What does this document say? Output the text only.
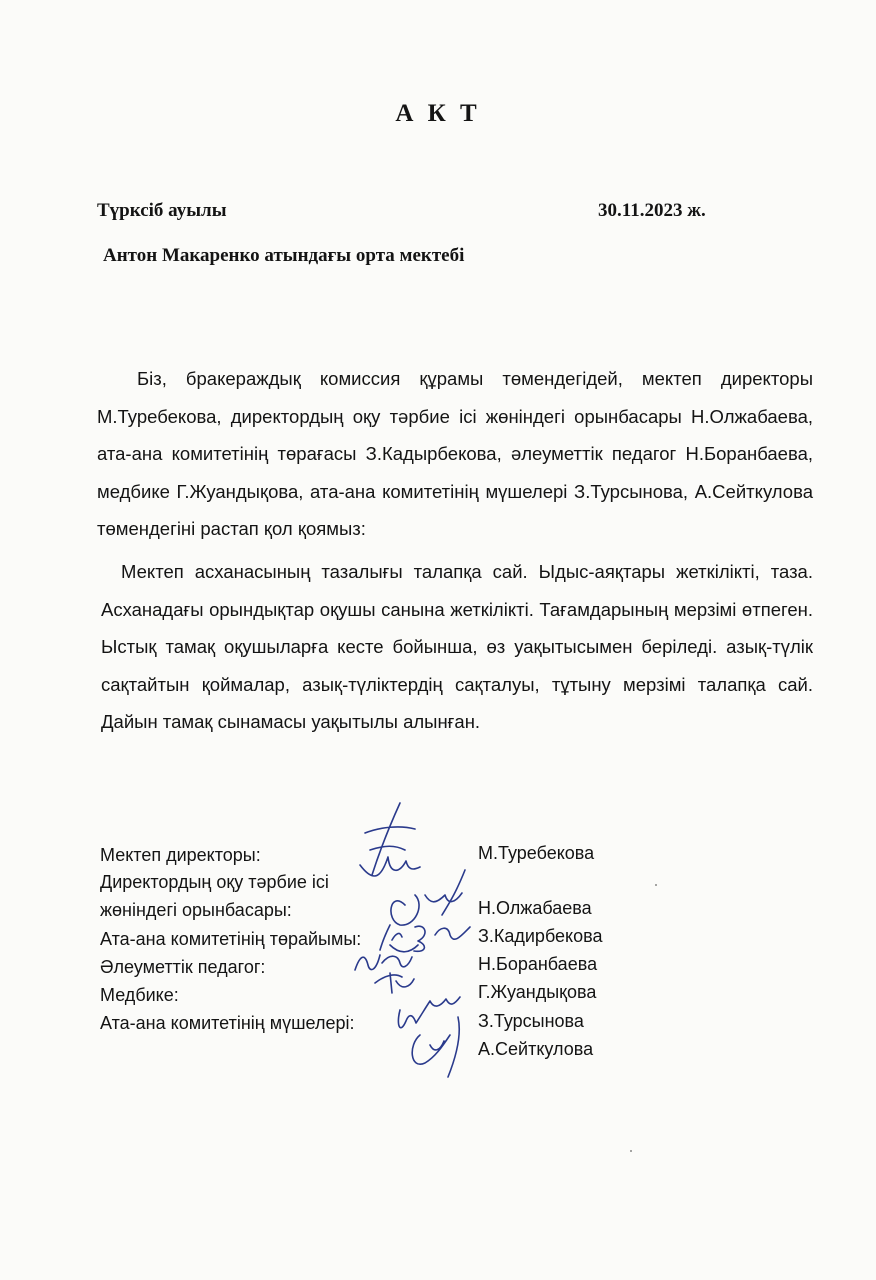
А К Т
Түрксіб ауылы	30.11.2023 ж.
Антон Макаренко атындағы орта мектебі
Біз, бракераждық комиссия құрамы төмендегідей, мектеп директоры М.Туребекова, директордың оқу тәрбие ісі жөніндегі орынбасары Н.Олжабаева, ата-ана комитетінің төрағасы З.Кадырбекова, әлеуметтік педагог Н.Боранбаева, медбике Г.Жуандықова, ата-ана комитетінің мүшелері З.Турсынова, А.Сейткулова төмендегіні растап қол қоямыз:
Мектеп асханасының тазалығы талапқа сай. Ыдыс-аяқтары жеткілікті, таза. Асханадағы орындықтар оқушы санына жеткілікті. Тағамдарының мерзімі өтпеген. Ыстық тамақ оқушыларға кесте бойынша, өз уақытысымен беріледі. азық-түлік сақтайтын қоймалар, азық-түліктердің сақталуы, тұтыну мерзімі талапқа сай. Дайын тамақ сынамасы уақытылы алынған.
Мектеп директоры:
Директордың оқу тәрбие ісі
жөніндегі орынбасары:
Ата-ана комитетінің төрайымы:
Әлеуметтік педагог:
Медбике:
Ата-ана комитетінің мүшелері:
М.Туребекова
Н.Олжабаева
З.Кадирбекова
Н.Боранбаева
Г.Жуандықова
З.Турсынова
А.Сейткулова
